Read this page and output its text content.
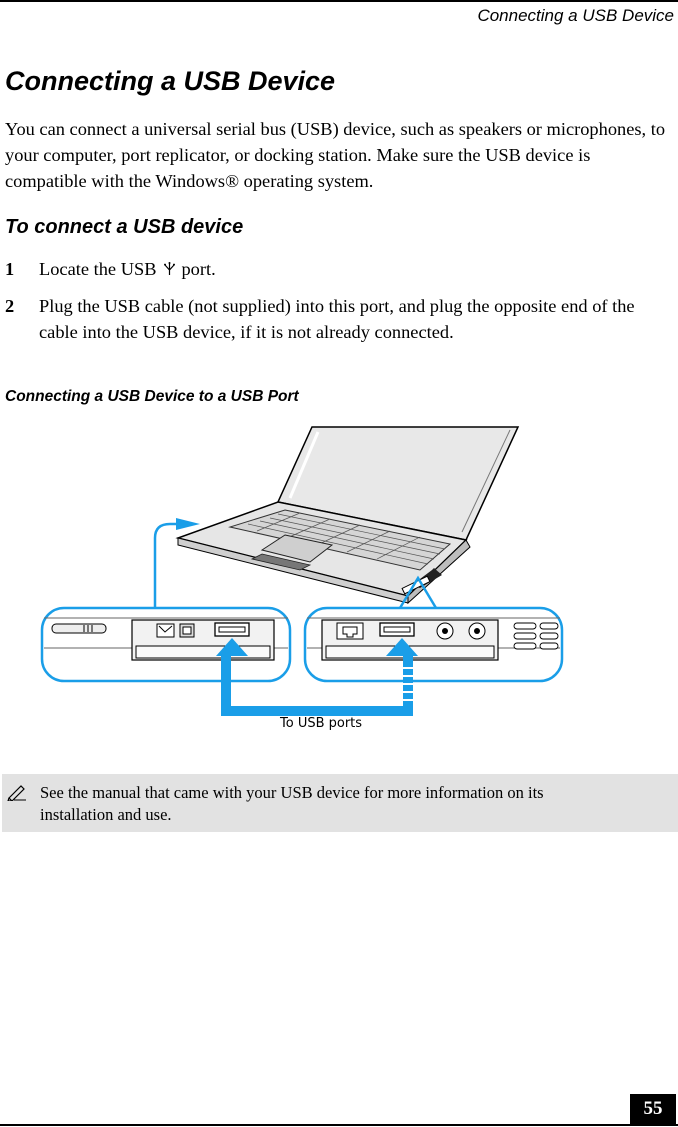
Connecting a USB Device
Connecting a USB Device

You can connect a universal serial bus (USB) device, such as speakers or microphones, to your computer, port replicator, or docking station. Make sure the USB device is compatible with the Windows® operating system.

To connect a USB device
1 Locate the USB port.
2 Plug the USB cable (not supplied) into this port, and plug the opposite end of the cable into the USB device, if it is not already connected.
Connecting a USB Device to a USB Port
To USB ports
See the manual that came with your USB device for more information on its installation and use.
55
